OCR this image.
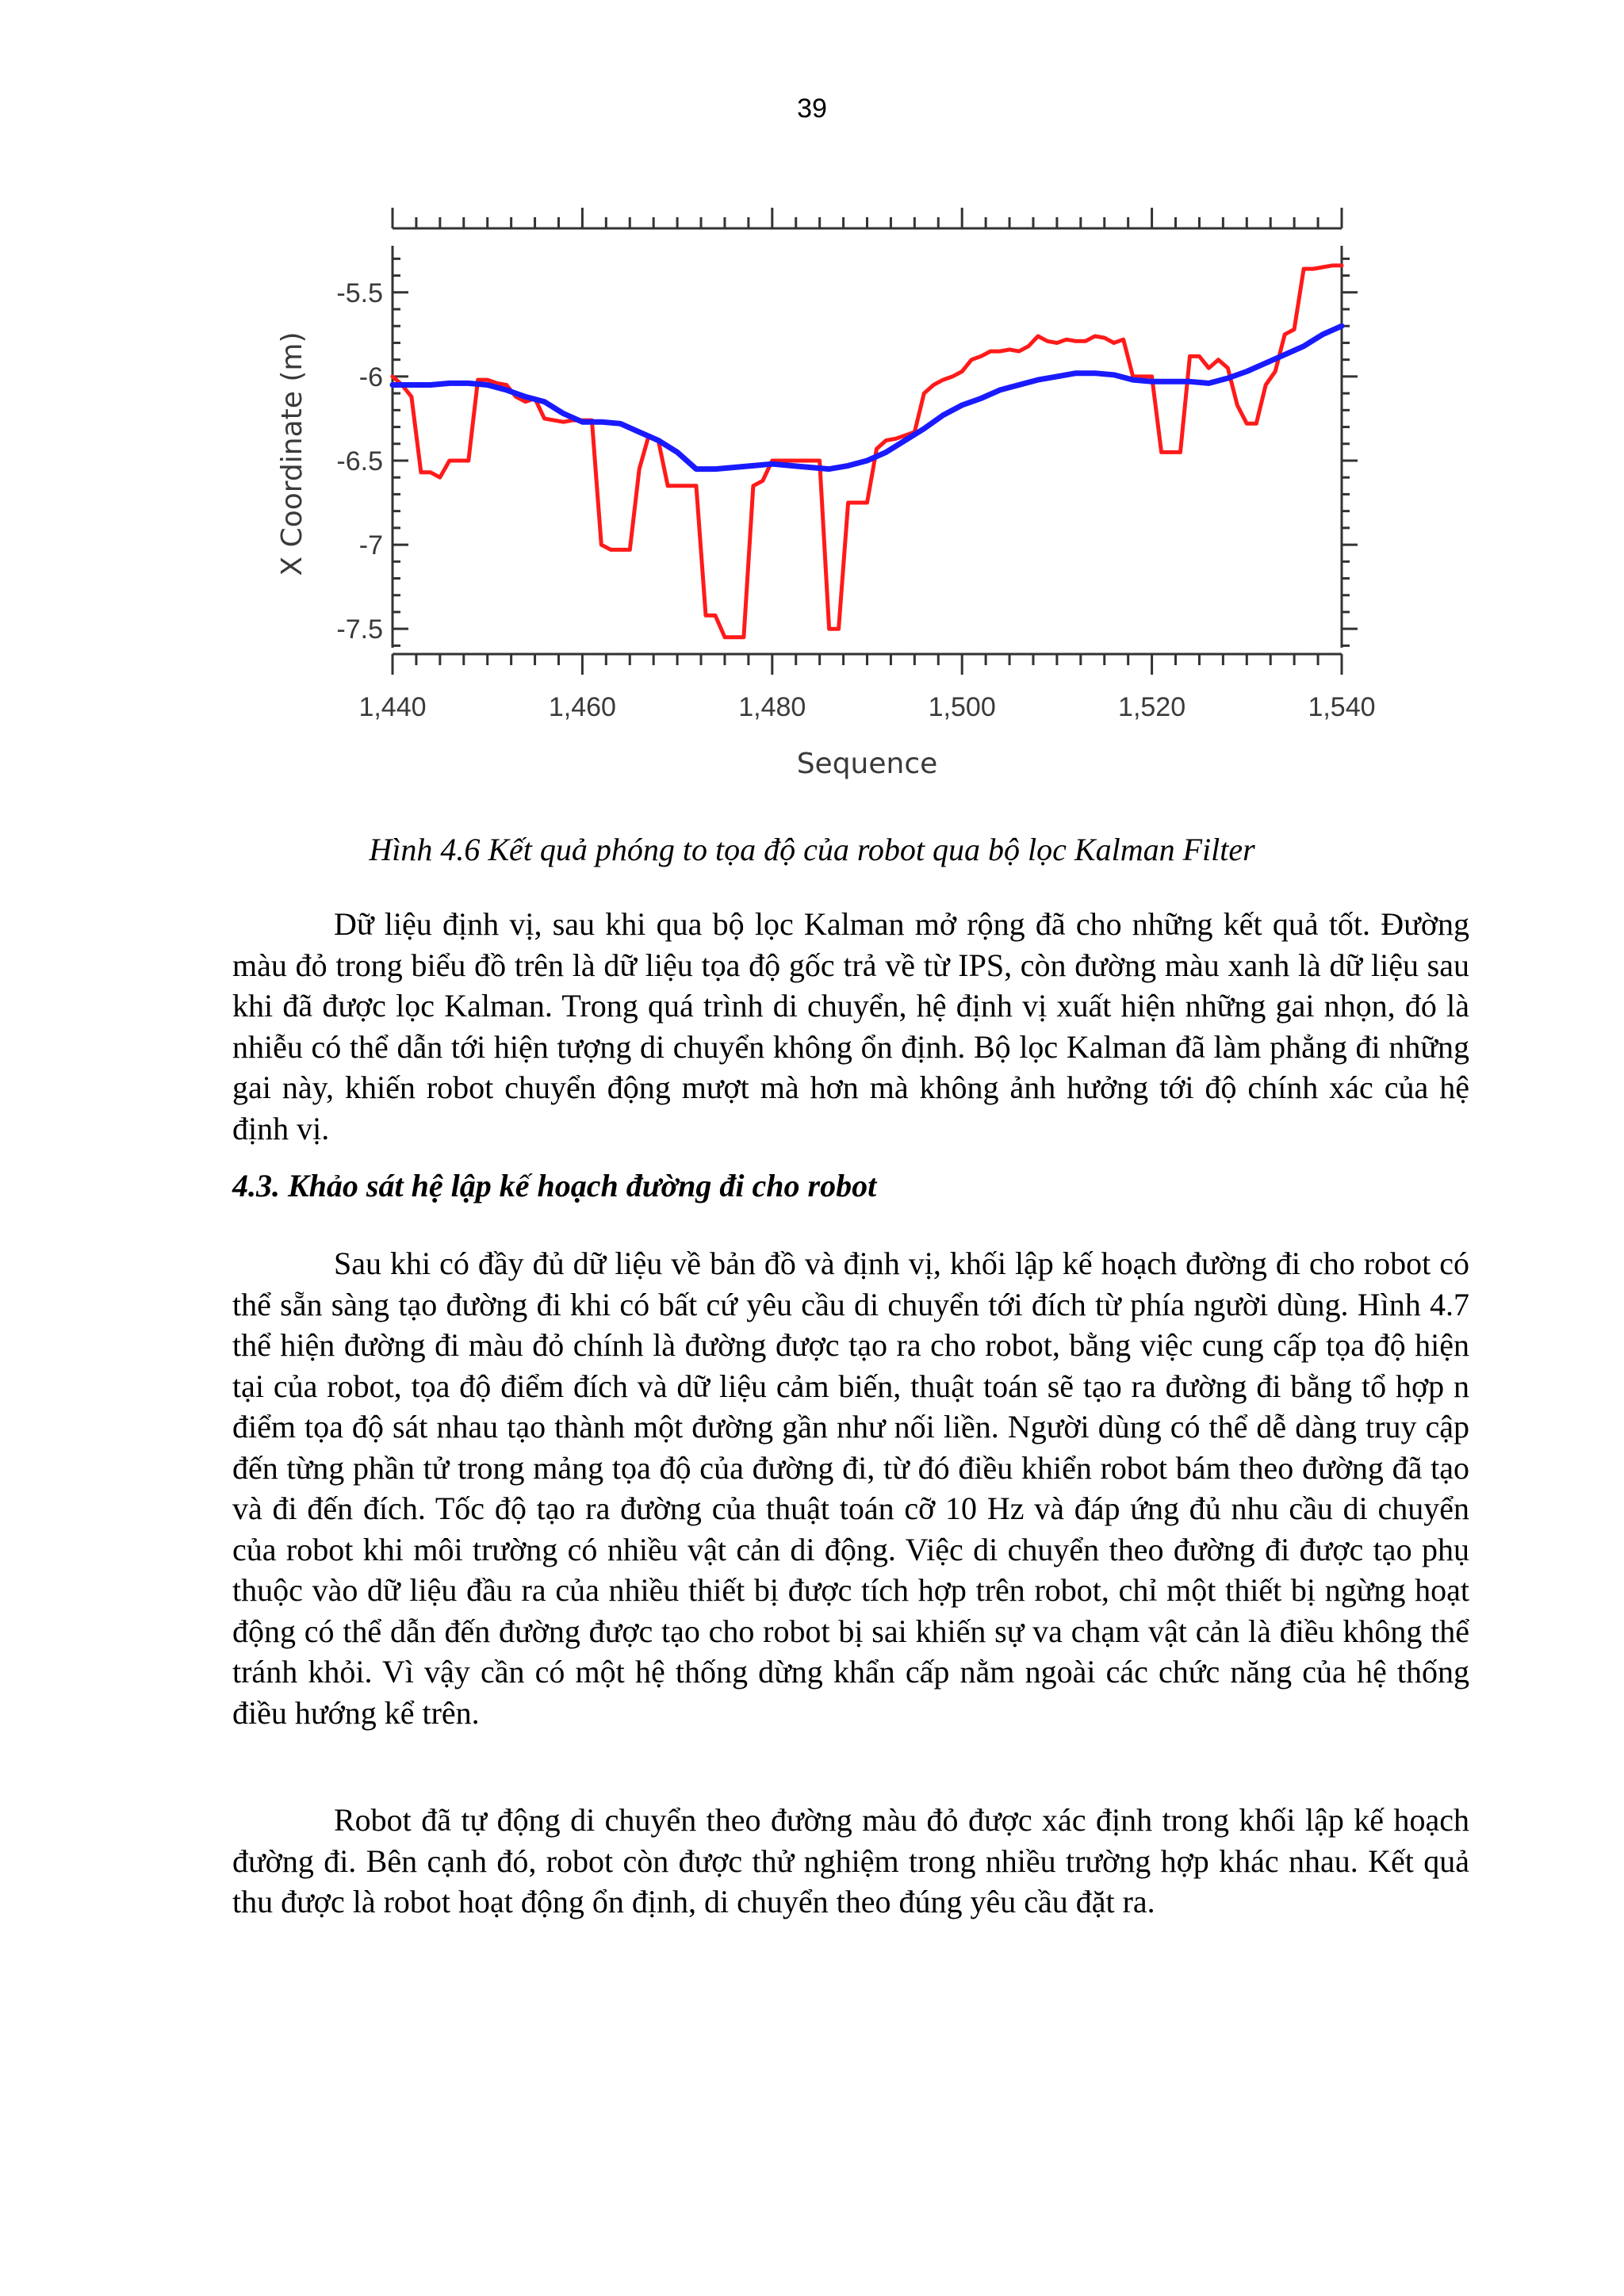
39
1,440	1,460	1,480	1,500	1,520	1,540
-5.5
-6
-6.5
-7
-7.5
Sequence
X Coordinate (m)
Hình 4.6 Kết quả phóng to tọa độ của robot qua bộ lọc Kalman Filter

Dữ liệu định vị, sau khi qua bộ lọc Kalman mở rộng đã cho những kết quả tốt. Đường màu đỏ trong biểu đồ trên là dữ liệu tọa độ gốc trả về từ IPS, còn đường màu xanh là dữ liệu sau khi đã được lọc Kalman. Trong quá trình di chuyển, hệ định vị xuất hiện những gai nhọn, đó là nhiễu có thể dẫn tới hiện tượng di chuyển không ổn định. Bộ lọc Kalman đã làm phẳng đi những gai này, khiến robot chuyển động mượt mà hơn mà không ảnh hưởng tới độ chính xác của hệ định vị.

4.3. Khảo sát hệ lập kế hoạch đường đi cho robot

Sau khi có đầy đủ dữ liệu về bản đồ và định vị, khối lập kế hoạch đường đi cho robot có thể sẵn sàng tạo đường đi khi có bất cứ yêu cầu di chuyển tới đích từ phía người dùng. Hình 4.7 thể hiện đường đi màu đỏ chính là đường được tạo ra cho robot, bằng việc cung cấp tọa độ hiện tại của robot, tọa độ điểm đích và dữ liệu cảm biến, thuật toán sẽ tạo ra đường đi bằng tổ hợp n điểm tọa độ sát nhau tạo thành một đường gần như nối liền. Người dùng có thể dễ dàng truy cập đến từng phần tử trong mảng tọa độ của đường đi, từ đó điều khiển robot bám theo đường đã tạo và đi đến đích. Tốc độ tạo ra đường của thuật toán cỡ 10 Hz và đáp ứng đủ nhu cầu di chuyển của robot khi môi trường có nhiều vật cản di động. Việc di chuyển theo đường đi được tạo phụ thuộc vào dữ liệu đầu ra của nhiều thiết bị được tích hợp trên robot, chỉ một thiết bị ngừng hoạt động có thể dẫn đến đường được tạo cho robot bị sai khiến sự va chạm vật cản là điều không thể tránh khỏi. Vì vậy cần có một hệ thống dừng khẩn cấp nằm ngoài các chức năng của hệ thống điều hướng kể trên.

Robot đã tự động di chuyển theo đường màu đỏ được xác định trong khối lập kế hoạch đường đi. Bên cạnh đó, robot còn được thử nghiệm trong nhiều trường hợp khác nhau. Kết quả thu được là robot hoạt động ổn định, di chuyển theo đúng yêu cầu đặt ra.
